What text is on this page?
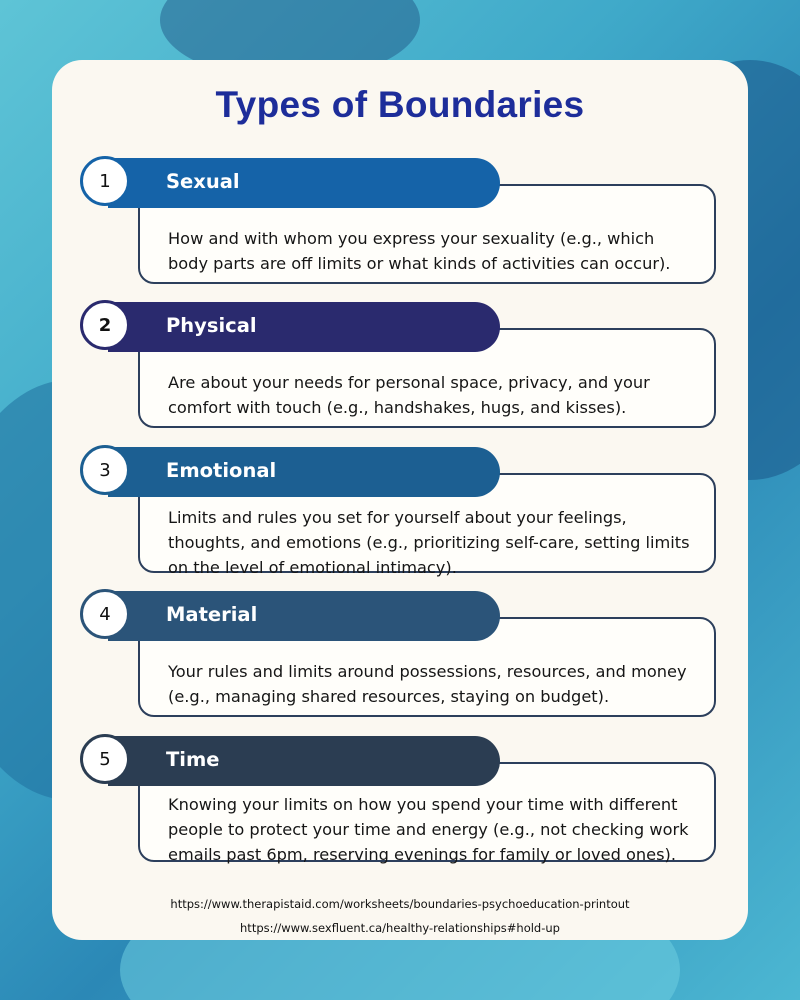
Types of Boundaries
How and with whom you express your sexuality (e.g., which body parts are off limits or what kinds of activities can occur).
Sexual
1
Are about your needs for personal space, privacy, and your comfort with touch (e.g., handshakes, hugs, and kisses).
Physical
2
Limits and rules you set for yourself about your feelings, thoughts, and emotions (e.g., prioritizing self-care, setting limits on the level of emotional intimacy).
Emotional
3
Your rules and limits around possessions, resources, and money (e.g., managing shared resources, staying on budget).
Material
4
Knowing your limits on how you spend your time with different people to protect your time and energy (e.g., not checking work emails past 6pm, reserving evenings for family or loved ones).
Time
5
https://www.therapistaid.com/worksheets/boundaries-psychoeducation-printout
https://www.sexfluent.ca/healthy-relationships#hold-up
